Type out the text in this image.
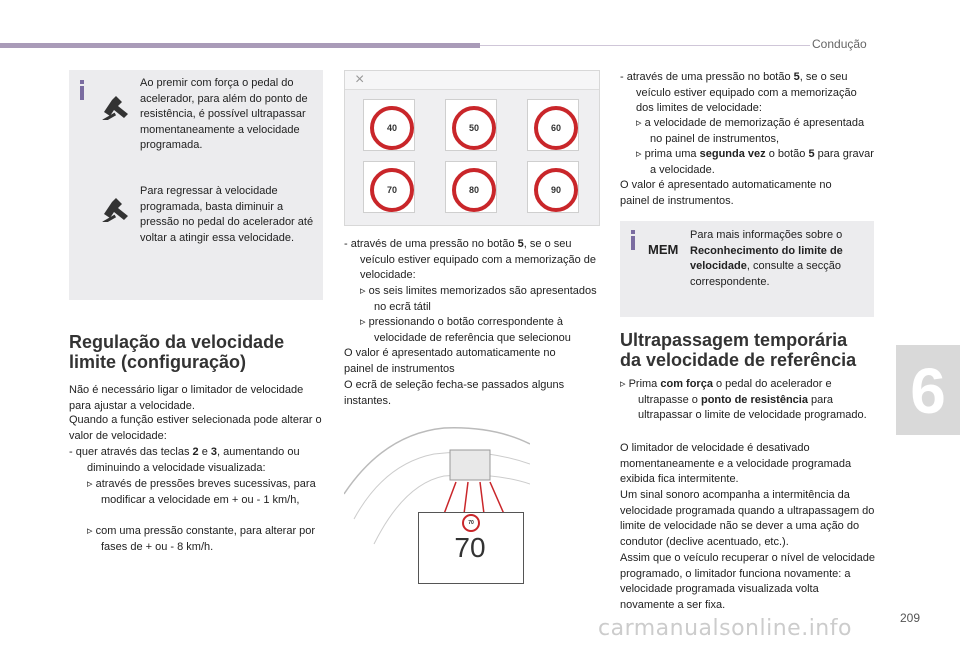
Condução
6
209
Ao premir com força o pedal do acelerador, para além do ponto de resistência, é possível ultrapassar momentaneamente a velocidade programada.
Para regressar à velocidade programada, basta diminuir a pressão no pedal do acelerador até voltar a atingir essa velocidade.
Regulação da velocidade
limite (configuração)
Não é necessário ligar o limitador de velocidade para ajustar a velocidade.
Quando a função estiver selecionada pode alterar o valor de velocidade:
- quer através das teclas 2 e 3, aumentando ou diminuindo a velocidade visualizada:
▹ através de pressões breves sucessivas, para modificar a velocidade em + ou - 1 km/h,
▹ com uma pressão constante, para alterar por fases de + ou - 8 km/h.
×
40	50	60
70	80	90
- através de uma pressão no botão 5, se o seu veículo estiver equipado com a memorização de velocidade:
▹ os seis limites memorizados são apresentados no ecrã tátil
▹ pressionando o botão correspondente à velocidade de referência que selecionou
O valor é apresentado automaticamente no painel de instrumentos
O ecrã de seleção fecha-se passados alguns instantes.
70
70
- através de uma pressão no botão 5, se o seu veículo estiver equipado com a memorização dos limites de velocidade:
▹ a velocidade de memorização é apresentada no painel de instrumentos,
▹ prima uma segunda vez o botão 5 para gravar a velocidade.
O valor é apresentado automaticamente no painel de instrumentos.
MEM
Para mais informações sobre o Reconhecimento do limite de velocidade, consulte a secção correspondente.
Ultrapassagem temporária
da velocidade de referência
▹ Prima com força o pedal do acelerador e ultrapasse o ponto de resistência para ultrapassar o limite de velocidade programado.
O limitador de velocidade é desativado momentaneamente e a velocidade programada exibida fica intermitente.
Um sinal sonoro acompanha a intermitência da velocidade programada quando a ultrapassagem do limite de velocidade não se dever a uma ação do condutor (declive acentuado, etc.).
Assim que o veículo recuperar o nível de velocidade programado, o limitador funciona novamente: a velocidade programada visualizada volta novamente a ser fixa.
carmanualsonline.info
